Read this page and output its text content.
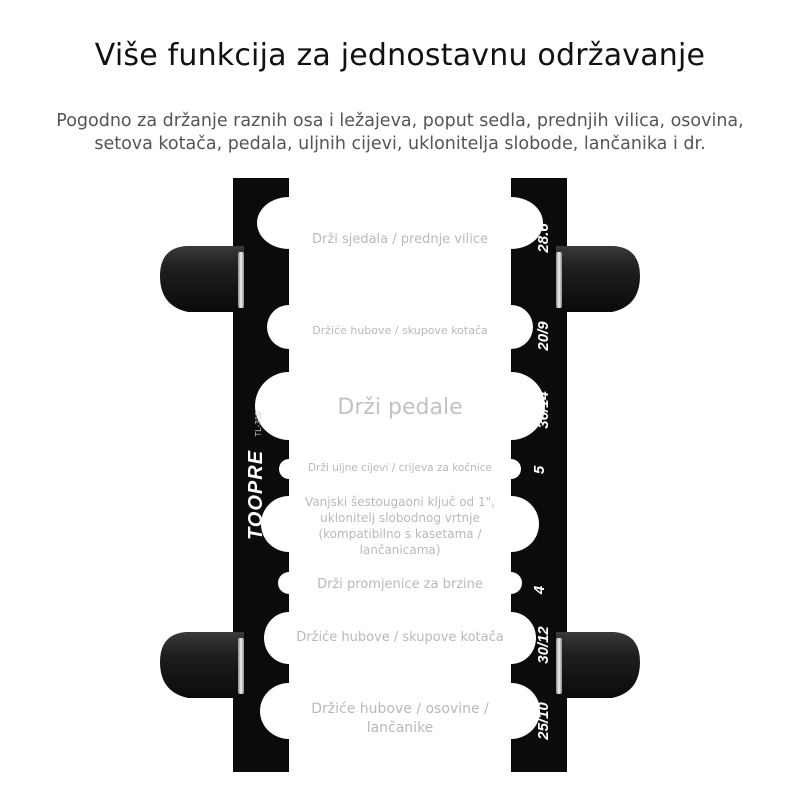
Više funkcija za jednostavnu održavanje
Pogodno za držanje raznih osa i ležajeva, poput sedla, prednjih vilica, osovina,
setova kotača, pedala, uljnih cijevi, uklonitelja slobode, lančanika i dr.
TOOPRE
TL-318
28.6
20/9
36/14
5
4
30/12
25/10
Drži sjedala / prednje vilice
Držiće hubove / skupove kotača
Drži pedale
Drži uljne cijevi / crijeva za kočnice
Vanjski šestougaoni ključ od 1",
uklonitelj slobodnog vrtnje
(kompatibilno s kasetama /
lančanicama)
Drži promjenice za brzine
Držiće hubove / skupove kotača
Držiće hubove / osovine /
lančanike
